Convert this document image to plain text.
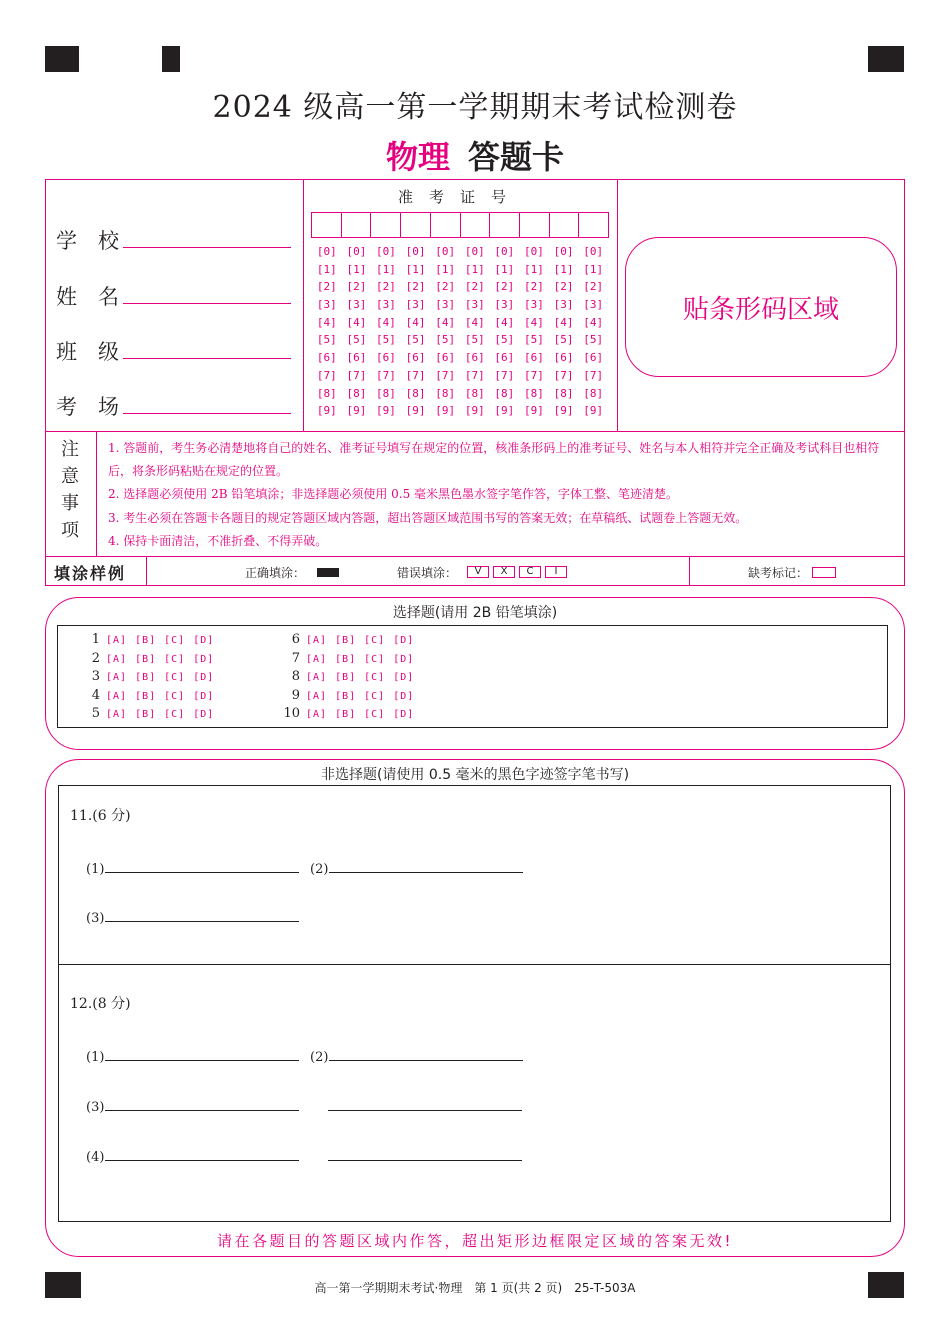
2024 级高一第一学期期末考试检测卷
物理 答题卡
学　校
姓　名
班　级
考　场
准考证号
[0] [0] [0] [0] [0] [0] [0] [0] [0] [0]
[1] [1] [1] [1] [1] [1] [1] [1] [1] [1]
[2] [2] [2] [2] [2] [2] [2] [2] [2] [2]
[3] [3] [3] [3] [3] [3] [3] [3] [3] [3]
[4] [4] [4] [4] [4] [4] [4] [4] [4] [4]
[5] [5] [5] [5] [5] [5] [5] [5] [5] [5]
[6] [6] [6] [6] [6] [6] [6] [6] [6] [6]
[7] [7] [7] [7] [7] [7] [7] [7] [7] [7]
[8] [8] [8] [8] [8] [8] [8] [8] [8] [8]
[9] [9] [9] [9] [9] [9] [9] [9] [9] [9]
贴条形码区域
注
意
事
项

1. 答题前，考生务必清楚地将自己的姓名、准考证号填写在规定的位置，核准条形码上的准考证号、姓名与本人相符并完全正确及考试科目也相符后，将条形码粘贴在规定的位置。

2. 选择题必须使用 2B 铅笔填涂；非选择题必须使用 0.5 毫米黑色墨水签字笔作答，字体工整、笔迹清楚。

3. 考生必须在答题卡各题目的规定答题区域内答题，超出答题区域范围书写的答案无效；在草稿纸、试题卷上答题无效。

4. 保持卡面清洁，不准折叠、不得弄破。

填涂样例	正确填涂：	错误填涂：	V	X	C	I	缺考标记：
选择题(请用 2B 铅笔填涂)
1 [A] [B] [C] [D]
2 [A] [B] [C] [D]
3 [A] [B] [C] [D]
4 [A] [B] [C] [D]
5 [A] [B] [C] [D]
6 [A] [B] [C] [D]
7 [A] [B] [C] [D]
8 [A] [B] [C] [D]
9 [A] [B] [C] [D]
10 [A] [B] [C] [D]
非选择题(请使用 0.5 毫米的黑色字迹签字笔书写)
11.(6 分)
(1)	(2)
(3)
12.(8 分)
(1)	(2)
(3)
(4)
请在各题目的答题区域内作答，超出矩形边框限定区域的答案无效!
高一第一学期期末考试·物理　第 1 页(共 2 页)　25-T-503A
